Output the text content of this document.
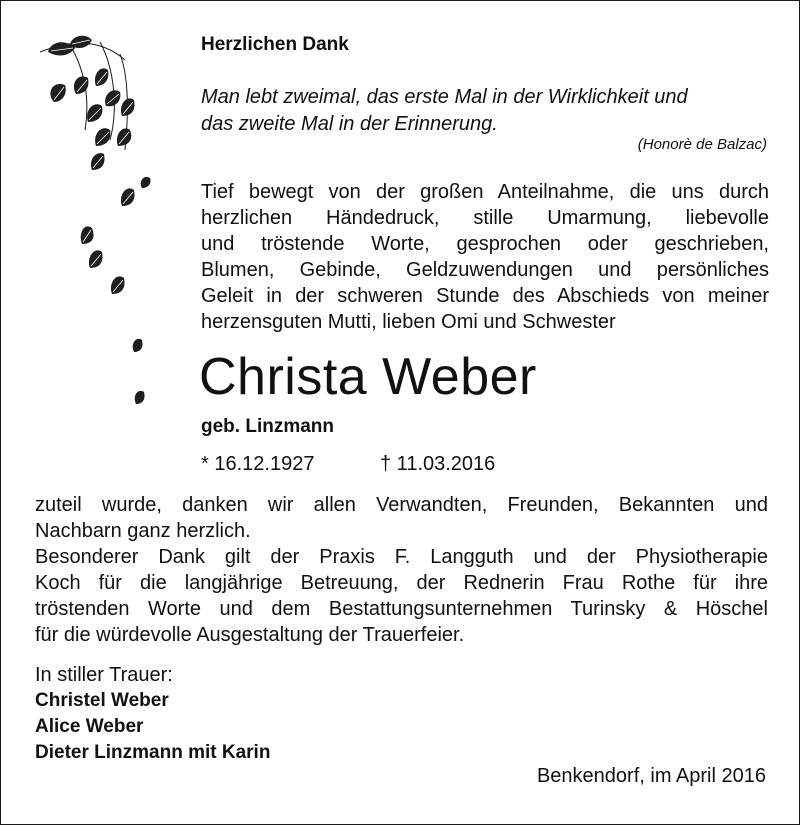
Herzlichen Dank

Man lebt zweimal, das erste Mal in der Wirklichkeit und
das zweite Mal in der Erinnerung.

(Honorè de Balzac)

Tief bewegt von der großen Anteilnahme, die uns durch
herzlichen Händedruck, stille Umarmung, liebevolle
und tröstende Worte, gesprochen oder geschrieben,
Blumen, Gebinde, Geldzuwendungen und persönliches
Geleit in der schweren Stunde des Abschieds von meiner
herzensguten Mutti, lieben Omi und Schwester
Christa Weber

geb. Linzmann

* 16.12.1927	† 11.03.2016

zuteil wurde, danken wir allen Verwandten, Freunden, Bekannten und
Nachbarn ganz herzlich.
Besonderer Dank gilt der Praxis F. Langguth und der Physiotherapie
Koch für die langjährige Betreuung, der Rednerin Frau Rothe für ihre
tröstenden Worte und dem Bestattungsunternehmen Turinsky & Höschel
für die würdevolle Ausgestaltung der Trauerfeier.

In stiller Trauer:

Christel Weber

Alice Weber

Dieter Linzmann mit Karin

Benkendorf, im April 2016
